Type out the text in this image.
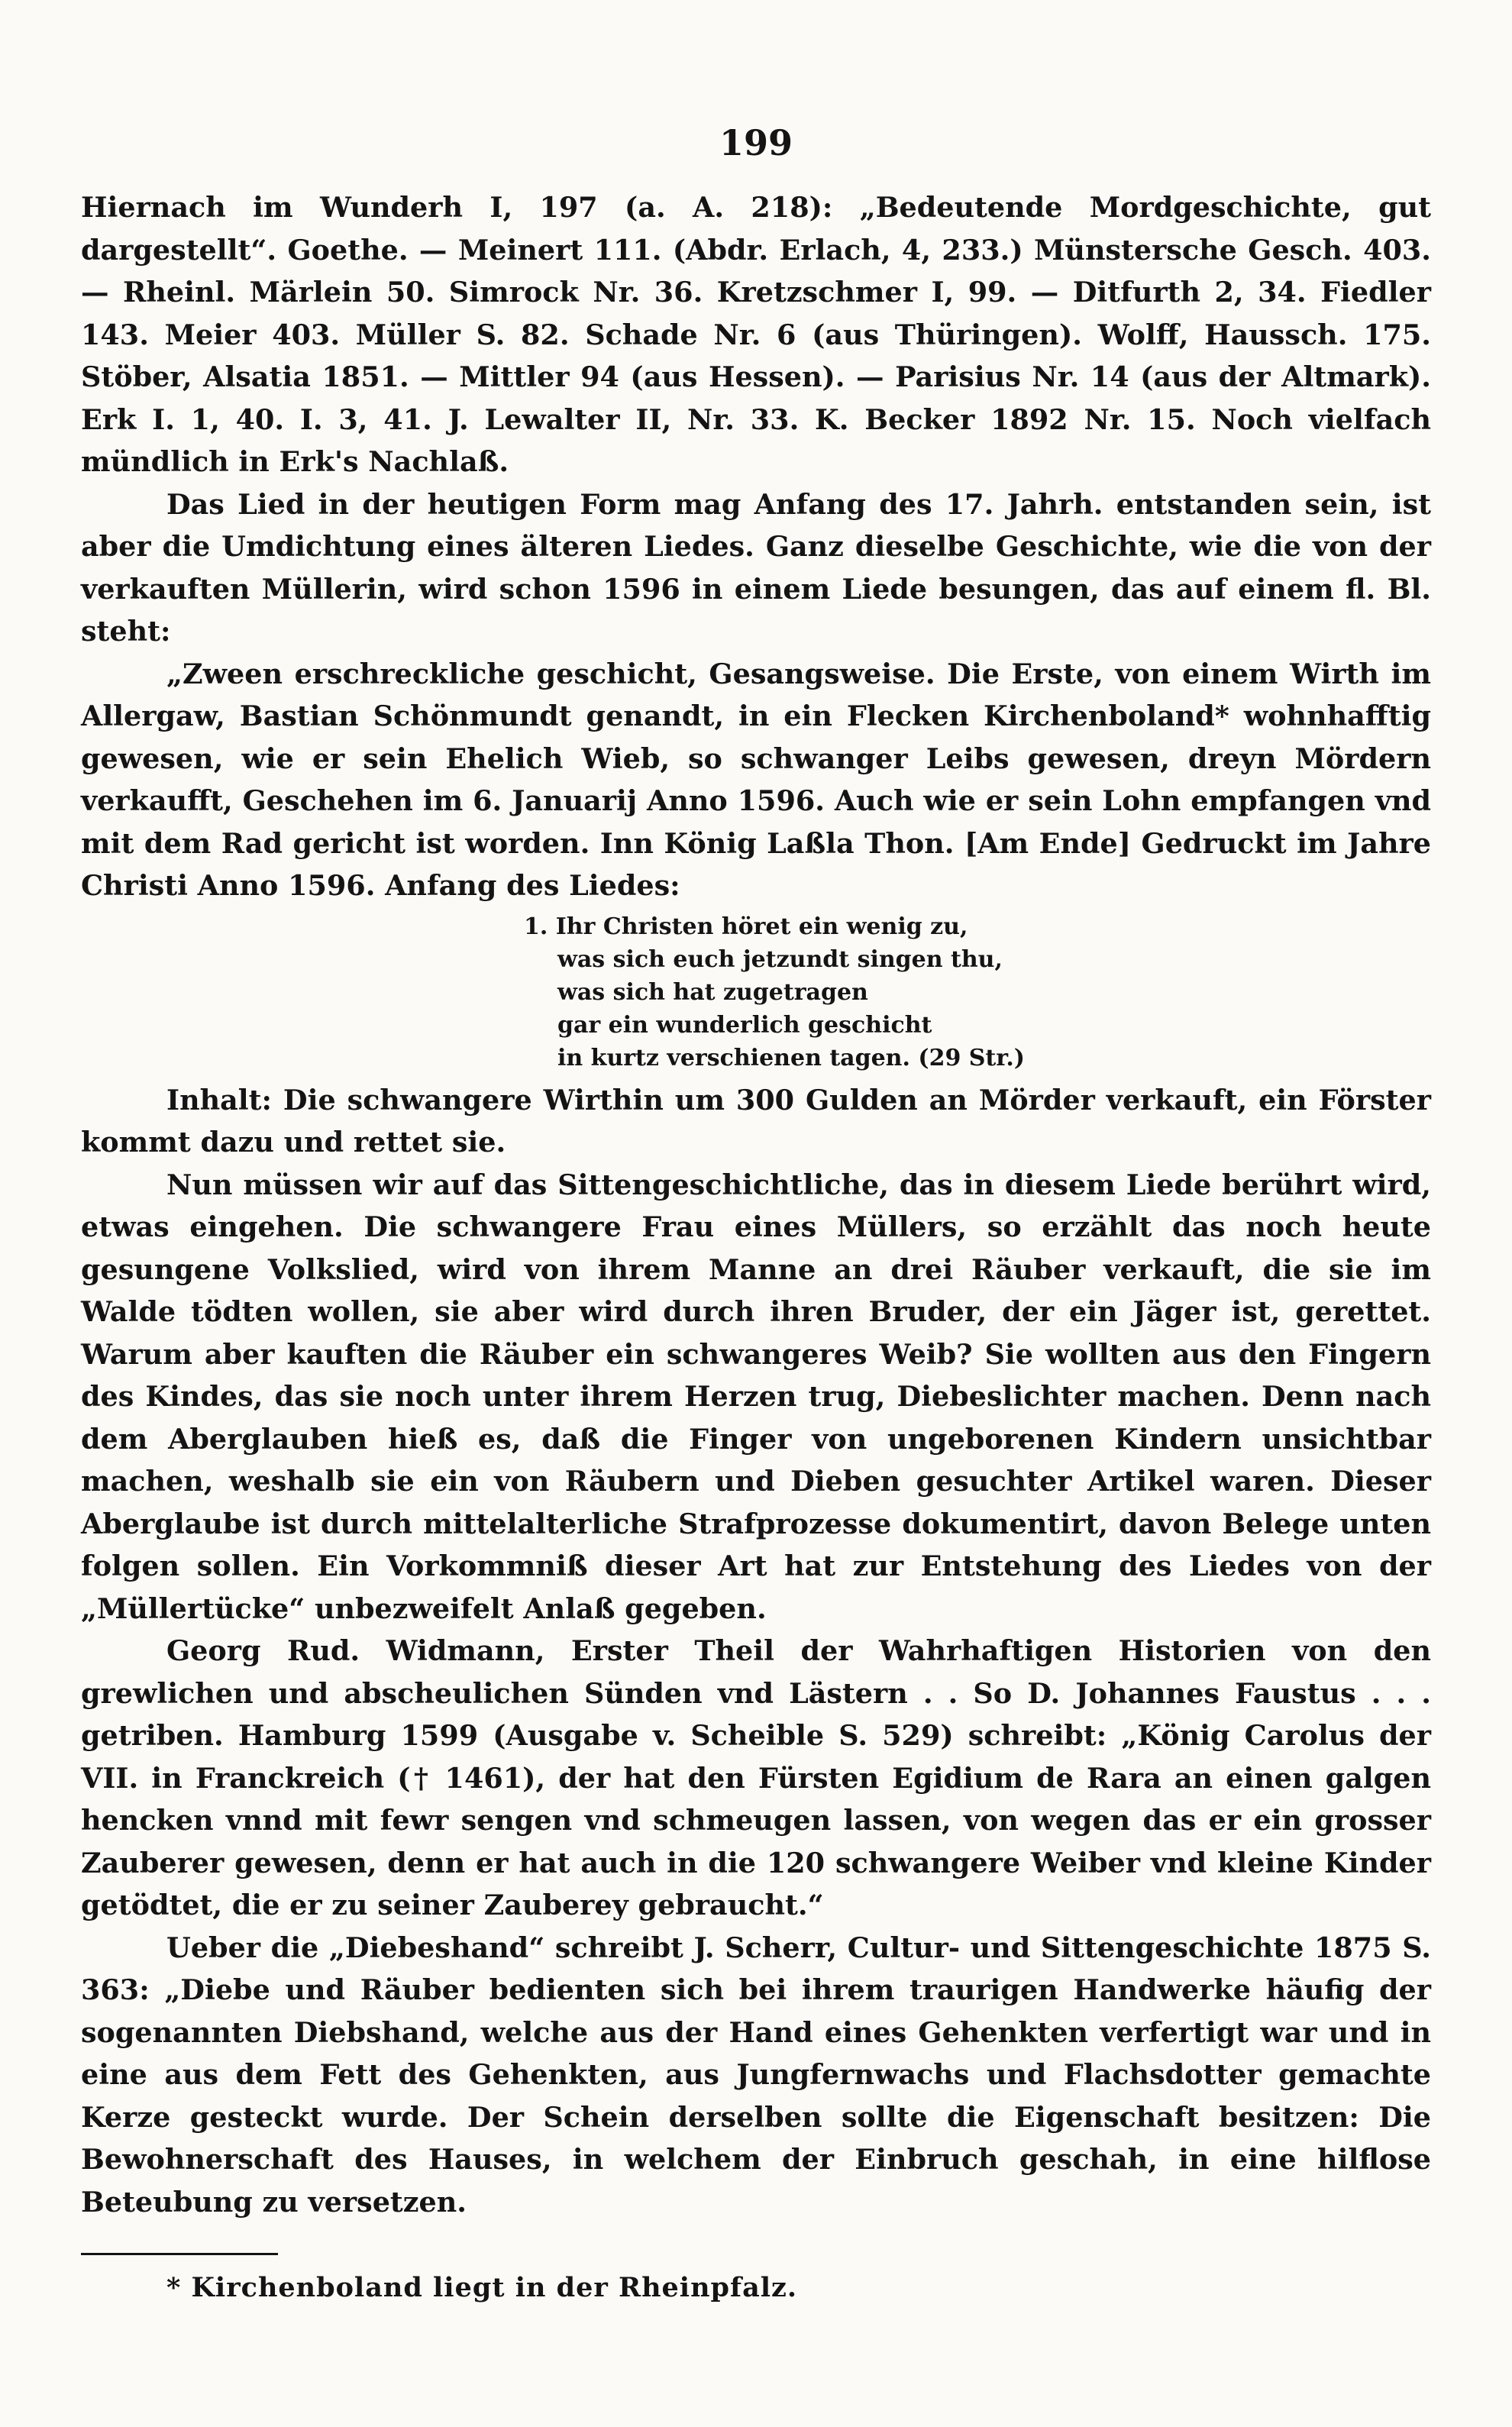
199

Hiernach im Wunderh I, 197 (a. A. 218): „Bedeutende Mordgeschichte, gut dargestellt“. Goethe. — Meinert 111. (Abdr. Erlach, 4, 233.) Münstersche Gesch. 403. — Rheinl. Märlein 50. Simrock Nr. 36. Kretzschmer I, 99. — Ditfurth 2, 34. Fiedler 143. Meier 403. Müller S. 82. Schade Nr. 6 (aus Thüringen). Wolff, Haussch. 175. Stöber, Alsatia 1851. — Mittler 94 (aus Hessen). — Parisius Nr. 14 (aus der Altmark). Erk I. 1, 40. I. 3, 41. J. Lewalter II, Nr. 33. K. Becker 1892 Nr. 15. Noch vielfach mündlich in Erk's Nachlaß.

Das Lied in der heutigen Form mag Anfang des 17. Jahrh. entstanden sein, ist aber die Umdichtung eines älteren Liedes. Ganz dieselbe Geschichte, wie die von der verkauften Müllerin, wird schon 1596 in einem Liede besungen, das auf einem fl. Bl. steht:

„Zween erschreckliche geschicht, Gesangsweise. Die Erste, von einem Wirth im Allergaw, Bastian Schönmundt genandt, in ein Flecken Kirchenboland* wohnhafftig gewesen, wie er sein Ehelich Wieb, so schwanger Leibs gewesen, dreyn Mördern verkaufft, Geschehen im 6. Januarij Anno 1596. Auch wie er sein Lohn empfangen vnd mit dem Rad gericht ist worden. Inn König Laßla Thon. [Am Ende] Gedruckt im Jahre Christi Anno 1596. Anfang des Liedes:

1. Ihr Christen höret ein wenig zu,
was sich euch jetzundt singen thu,
was sich hat zugetragen
gar ein wunderlich geschicht
in kurtz verschienen tagen. (29 Str.)

Inhalt: Die schwangere Wirthin um 300 Gulden an Mörder verkauft, ein Förster kommt dazu und rettet sie.

Nun müssen wir auf das Sittengeschichtliche, das in diesem Liede berührt wird, etwas eingehen. Die schwangere Frau eines Müllers, so erzählt das noch heute gesungene Volkslied, wird von ihrem Manne an drei Räuber verkauft, die sie im Walde tödten wollen, sie aber wird durch ihren Bruder, der ein Jäger ist, gerettet. Warum aber kauften die Räuber ein schwangeres Weib? Sie wollten aus den Fingern des Kindes, das sie noch unter ihrem Herzen trug, Diebeslichter machen. Denn nach dem Aberglauben hieß es, daß die Finger von ungeborenen Kindern unsichtbar machen, weshalb sie ein von Räubern und Dieben gesuchter Artikel waren. Dieser Aberglaube ist durch mittelalterliche Strafprozesse dokumentirt, davon Belege unten folgen sollen. Ein Vorkommniß dieser Art hat zur Entstehung des Liedes von der „Müllertücke“ unbezweifelt Anlaß gegeben.

Georg Rud. Widmann, Erster Theil der Wahrhaftigen Historien von den grewlichen und abscheulichen Sünden vnd Lästern . . So D. Johannes Faustus . . . getriben. Hamburg 1599 (Ausgabe v. Scheible S. 529) schreibt: „König Carolus der VII. in Franckreich († 1461), der hat den Fürsten Egidium de Rara an einen galgen hencken vnnd mit fewr sengen vnd schmeugen lassen, von wegen das er ein grosser Zauberer gewesen, denn er hat auch in die 120 schwangere Weiber vnd kleine Kinder getödtet, die er zu seiner Zauberey gebraucht.“

Ueber die „Diebeshand“ schreibt J. Scherr, Cultur- und Sittengeschichte 1875 S. 363: „Diebe und Räuber bedienten sich bei ihrem traurigen Handwerke häufig der sogenannten Diebshand, welche aus der Hand eines Gehenkten verfertigt war und in eine aus dem Fett des Gehenkten, aus Jungfernwachs und Flachsdotter gemachte Kerze gesteckt wurde. Der Schein derselben sollte die Eigenschaft besitzen: Die Bewohnerschaft des Hauses, in welchem der Einbruch geschah, in eine hilflose Beteubung zu versetzen.

* Kirchenboland liegt in der Rheinpfalz.
